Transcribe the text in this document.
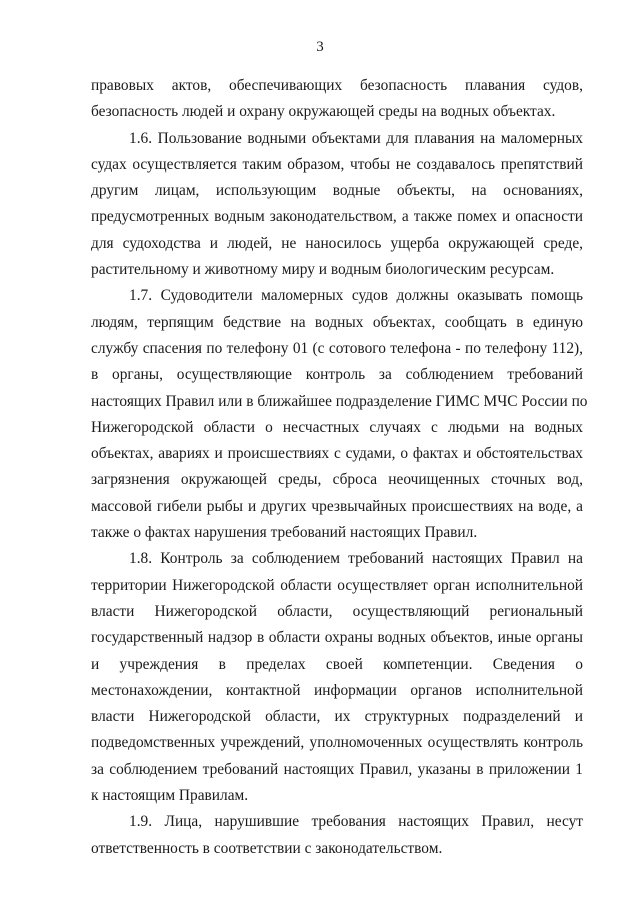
3
правовых актов, обеспечивающих безопасность плавания судов,
безопасность людей и охрану окружающей среды на водных объектах.
1.6. Пользование водными объектами для плавания на маломерных
судах осуществляется таким образом, чтобы не создавалось препятствий
другим лицам, использующим водные объекты, на основаниях,
предусмотренных водным законодательством, а также помех и опасности
для судоходства и людей, не наносилось ущерба окружающей среде,
растительному и животному миру и водным биологическим ресурсам.
1.7. Судоводители маломерных судов должны оказывать помощь
людям, терпящим бедствие на водных объектах, сообщать в единую
службу спасения по телефону 01 (с сотового телефона - по телефону 112),
в органы, осуществляющие контроль за соблюдением требований
настоящих Правил или в ближайшее подразделение ГИМС МЧС России по
Нижегородской области о несчастных случаях с людьми на водных
объектах, авариях и происшествиях с судами, о фактах и обстоятельствах
загрязнения окружающей среды, сброса неочищенных сточных вод,
массовой гибели рыбы и других чрезвычайных происшествиях на воде, а
также о фактах нарушения требований настоящих Правил.
1.8. Контроль за соблюдением требований настоящих Правил на
территории Нижегородской области осуществляет орган исполнительной
власти Нижегородской области, осуществляющий региональный
государственный надзор в области охраны водных объектов, иные органы
и учреждения в пределах своей компетенции. Сведения о
местонахождении, контактной информации органов исполнительной
власти Нижегородской области, их структурных подразделений и
подведомственных учреждений, уполномоченных осуществлять контроль
за соблюдением требований настоящих Правил, указаны в приложении 1
к настоящим Правилам.
1.9. Лица, нарушившие требования настоящих Правил, несут
ответственность в соответствии с законодательством.
